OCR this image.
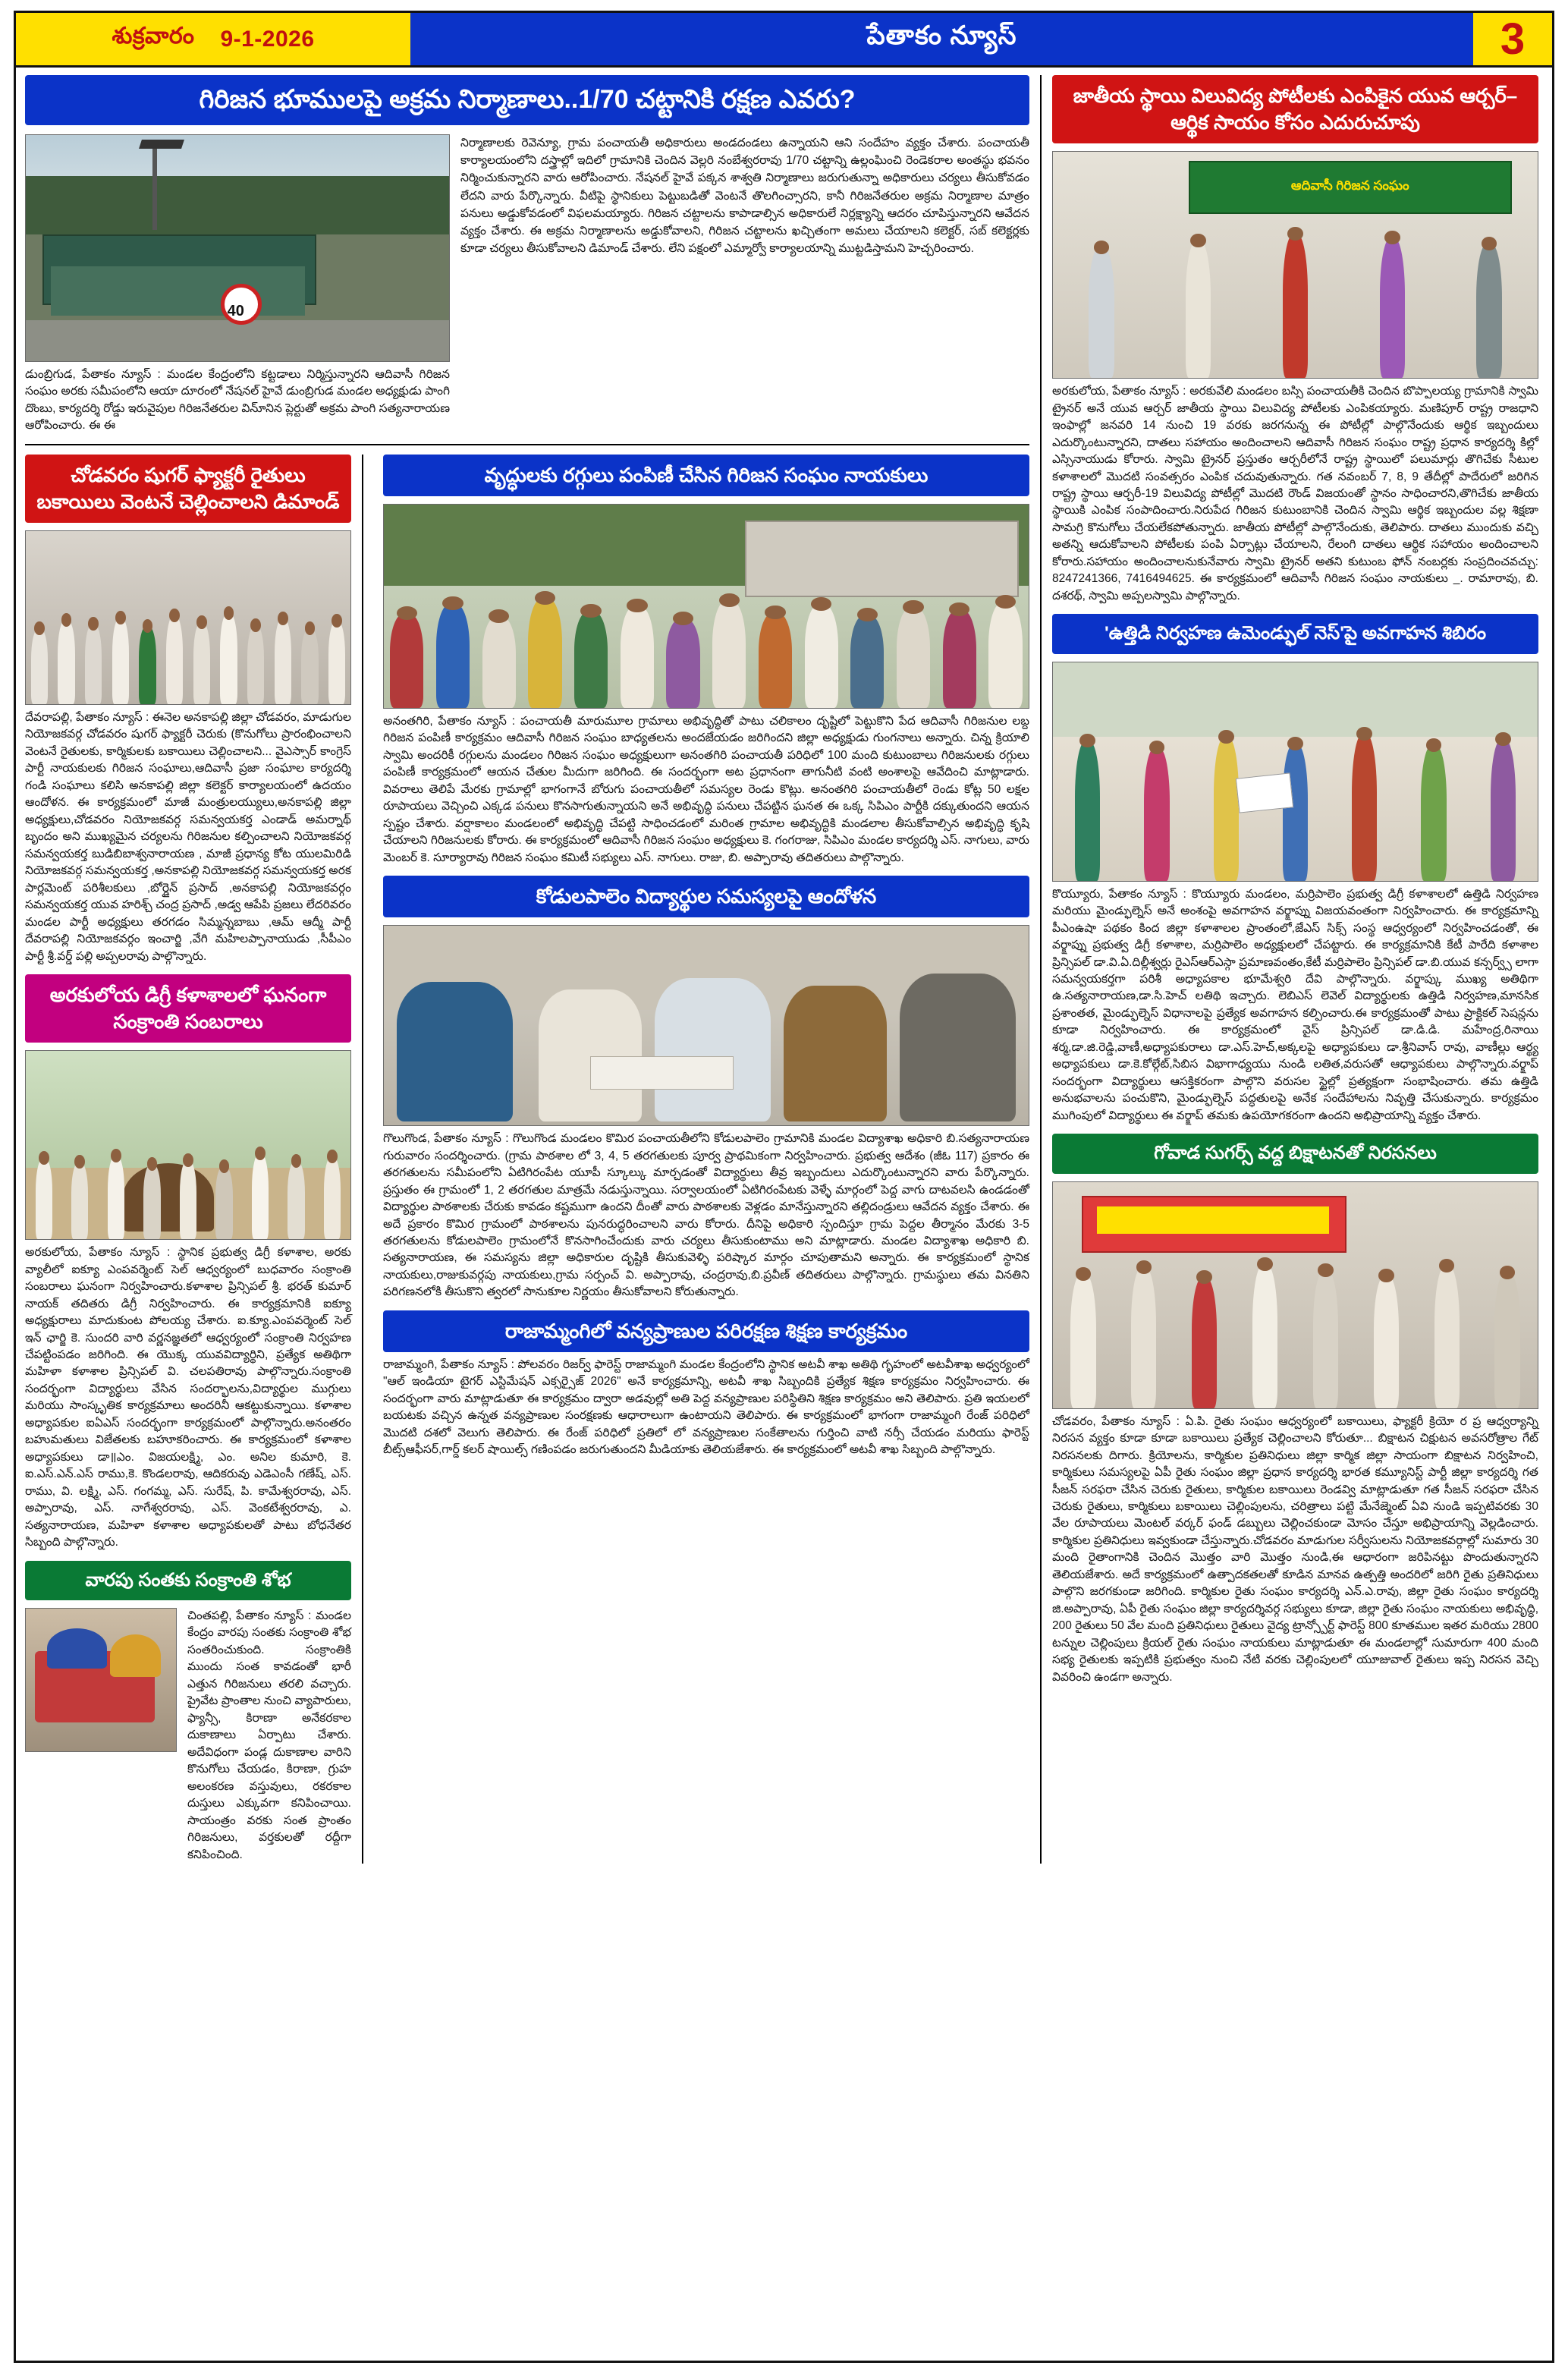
శుక్రవారం 9-1-2026	పేతాకం న్యూస్	3
గిరిజన భూములపై అక్రమ నిర్మాణాలు..1/70 చట్టానికి రక్షణ ఎవరు?
40
డుంబ్రిగుడ, పేతాకం న్యూస్ : మండల కేంద్రంలోని కట్టడాలు నిర్మిస్తున్నారని ఆదివాసీ గిరిజన సంఘం అరకు సమీపంలోని ఆయా దూరంలో నేషనల్ హైవే డుంబ్రిగుడ మండల అధ్యక్షుడు పాంగి దొంబు, కార్యదర్శి రోడ్డు ఇరువైపుల గిరిజనేతరుల వినూ్నిన ప్లెర్టుతో అక్రమ పాంగి సత్యనారాయణ ఆరోపించారు. ఈ ఈ
నిర్మాణాలకు రెవెన్యూ, గ్రామ పంచాయతీ అధికారులు అండదండలు ఉన్నాయని ఆని సందేహం వ్యక్తం చేశారు. పంచాయతీ కార్యాలయంలోని దస్త్రాల్లో ఇదిలో గ్రామానికి చెందిన వెల్లరి నంబేశ్వరరావు 1/70 చట్టాన్ని ఉల్లంఘించి రెండెకరాల అంతస్థు భవనం నిర్మించుకున్నారని వారు ఆరోపించారు. నేషనల్ హైవే పక్కన శాశ్వతి నిర్మాణాలు జరుగుతున్నా అధికారులు చర్యలు తీసుకోవడం లేదని వారు పేర్కొన్నారు. వీటిపై స్థానికులు పెట్టుబడితో వెంటనే తొలగించ్సారని, కానీ గిరిజనేతరుల అక్రమ నిర్మాణాల మాత్రం పనులు అడ్డుకోవడంలో విఫలమయ్యారు. గిరిజన చట్టాలను కాపాడాల్సిన అధికారులే నిర్లక్ష్యాన్ని ఆదరం చూపిస్తున్నారని ఆవేదన వ్యక్తం చేశారు. ఈ అక్రమ నిర్మాణాలను అడ్డుకోవాలని, గిరిజన చట్టాలను ఖచ్చితంగా అమలు చేయాలని కలెక్టర్, సబ్ కలెక్టర్లకు కూడా చర్యలు తీసుకోవాలని డిమాండ్ చేశారు. లేని పక్షంలో ఎమ్మార్వో కార్యాలయాన్ని ముట్టడిస్తామని హెచ్చరించారు.
చోడవరం షుగర్ ఫ్యాక్టరీ రైతులు బకాయిలు వెంటనే చెల్లించాలని డిమాండ్
దేవరాపల్లి, పేతాకం న్యూస్ : ఈనెల అనకాపల్లి జిల్లా చోడవరం, మాడుగుల నియోజకవర్గ చోడవరం షుగర్ ఫ్యాక్టరీ చెరుకు (కొనుగోలు ప్రారంభించాలని వెంటనే రైతులకు, కార్మికులకు బకాయిలు చెల్లించాలని... వైఎస్సార్ కాంగ్రెస్ పార్టీ నాయకులకు గిరిజన సంఘాలు,ఆదివాసీ ప్రజా సంఘాల కార్యదర్శి గండి సంఘాలు కలిసి అనకాపల్లి జిల్లా కలెక్టర్ కార్యాలయంలో ఉదయం ఆందోళన. ఈ కార్యక్రమంలో మాజీ మంత్రులయ్యులు,అనకాపల్లి జిల్లా అధ్యక్షులు,చోడవరం నియోజకవర్గ సమన్వయకర్త ఎండాడ్ అమర్నాథ్ బృందం అని ముఖ్యమైన చర్యలను గిరిజనుల కల్పించాలని నియోజకవర్గ సమన్వయకర్త బుడిబిబాశ్వనారాయణ , మాజీ ప్రధాన్య కోట యులమిరిడి నియోజకవర్గ సమన్వయకర్త ,అనకాపల్లి నియోజకవర్గ సమన్వయకర్త అరక పార్లమెంట్ పరిశీలకులు ,బోర్డైన్ ప్రసాద్ ,అనకాపల్లి నియోజకవర్గం సమన్వయకర్త యువ హరిశ్చ్ చంద్ర ప్రసాద్ ,అడ్వ ఆపేపి ప్రజలు లేదరివరం మండల పార్టీ అధ్యక్షులు తరగడం సిమ్మన్నబాబు ,ఆమ్ ఆద్మీ పార్టీ దేవరాపల్లి నియోజకవర్గం ఇంచార్జి ,వేగి మహిలప్పానాయుడు ,సీపీఎం పార్టీ శ్రీ.వర్డ్ పల్లి అప్పలరావు పాల్గొన్నారు.
అరకులోయ డిగ్రీ కళాశాలలో ఘనంగా సంక్రాంతి సంబరాలు
అరకులోయ, పేతాకం న్యూస్ : స్థానిక ప్రభుత్వ డిగ్రీ కళాశాల, అరకు వ్యాలీలో ఐక్యూ ఎంపవర్మెంట్ సెల్ ఆధ్వర్యంలో బుధవారం సంక్రాంతి సంబరాలు ఘనంగా నిర్వహించారు.కళాశాల ప్రిన్సిపల్ శ్రీ. భరత్ కుమార్ నాయక్ తదితరు డిగ్రీ నిర్వహించారు. ఈ కార్యక్రమానికి ఐక్యూ అధ్యక్షురాలు మాదుకుంట పోలయ్య చేశారు. ఐ.క్యూ.ఎంపవర్మెంట్ సెల్ ఇన్ ఛార్జి కె. సుందరి వారి వర్ణనజ్ఞతలో ఆధ్వర్యంలో సంక్రాంతి నిర్వహణ చేపట్టింపడం జరిగింది. ఈ యొక్క యువవిద్యార్థిని, ప్రత్యేక అతిథిగా మహిళా కళాశాల ప్రిన్సిపల్ వి. చలపతిరావు పాల్గొన్నారు.సంక్రాంతి సందర్భంగా విద్యార్థులు వేసిన సందర్భాలను,విద్యార్థుల ముగ్గులు మరియు సాంస్కృతిక కార్యక్రమాలు అందరినీ ఆకట్టుకున్నాయి. కళాశాల అధ్యాపకుల ఐఏఎస్ సందర్భంగా కార్యక్రమంలో పాల్గొన్నారు.అనంతరం బహుమతులు విజేతలకు బహూకరించారు. ఈ కార్యక్రమంలో కళాశాల అధ్యాపకులు డా॥ఎం. విజయలక్ష్మి, ఎం. అనిల కుమారి, కె. ఐ.ఎస్.ఎన్.ఎస్ రాము,కె. కొండలరావు, ఆదికరువు ఎడెఎంసీ గణేష్, ఎస్. రాము, వి. లక్ష్మి, ఎస్. గంగమ్మ, ఎస్. సురేష్, పి. కామేశ్వరరావు, ఎస్. అప్పారావు, ఎస్. నాగేశ్వరరావు, ఎస్. వెంకటేశ్వరరావు, ఎ. సత్యనారాయణ, మహిళా కళాశాల అధ్యాపకులతో పాటు బోధనేతర సిబ్బంది పాల్గొన్నారు.
వారపు సంతకు సంక్రాంతి శోభ
చింతపల్లి, పేతాకం న్యూస్ : మండల కేంద్రం వారపు సంతకు సంక్రాంతి శోభ సంతరించుకుంది. సంక్రాంతికి ముందు సంత కావడంతో భారీ ఎత్తున గిరిజనులు తరలి వచ్చారు. ప్రైవేట ప్రాంతాల నుంచి వ్యాపారులు, ఫ్యాన్సీ, కిరాణా అనేకరకాల దుకాణాలు ఏర్పాటు చేశారు. అదేవిధంగా పండ్ల దుకాణాల వారిని కొనుగోలు చేయడం, కిరాణా, గ్రుహ అలంకరణ వస్తువులు, రకరకాల దుస్తులు ఎక్కువగా కనిపించాయి. సాయంత్రం వరకు సంత ప్రాంతం గిరిజనులు, వర్తకులతో రద్దీగా కనిపించింది.
వృద్ధులకు రగ్గులు పంపిణీ చేసిన గిరిజన సంఘం నాయకులు
అనంతగిరి, పేతాకం న్యూస్ : పంచాయతీ మారుమూల గ్రామాలు అభివృద్ధితో పాటు చలికాలం దృష్టిలో పెట్టుకొని పేద ఆదివాసీ గిరిజనుల లబ్ద గిరిజన పంపిణీ కార్యక్రమం ఆదివాసీ గిరిజన సంఘం బాధ్యతలను అందజేయడం జరిగిందని జిల్లా అధ్యక్షుడు గుంగనాలు అన్నారు. చిన్న క్రియాలి స్వామి అందరికీ రగ్గులను మండలం గిరిజన సంఘం అధ్యక్షులుగా అనంతగిరి పంచాయతీ పరిధిలో 100 మంది కుటుంబాలు గిరిజనులకు రగ్గులు పంపిణీ కార్యక్రమంలో ఆయన చేతుల మీదుగా జరిగింది. ఈ సందర్భంగా అట ప్రధానంగా తాగునీటి వంటి అంశాలపై ఆవేదించి మాట్లాడారు. వివరాలు తెలిపే మేరకు గ్రామాల్లో భాగంగానే బోరుగు పంచాయతీలో సమస్యల రెండు కొట్లు. అనంతగిరి పంచాయతీలో రెండు కోట్ల 50 లక్షల రూపాయలు వెచ్చించి ఎక్కడ పనులు కొనసాగుతున్నాయని అనే అభివృద్ధి పనులు చేపట్టిన ఘనత ఈ ఒక్క సిపిఎం పార్టీకి దక్కుతుందని ఆయన స్పష్టం చేశారు. వర్షాకాలం మండలంలో అభివృద్ధి చేపట్టి సాధించడంలో మరింత గ్రామాల అభివృద్ధికి మండలాల తీసుకోవాల్సిన అభివృద్ధి కృషి చేయాలని గిరిజనులకు కోరారు. ఈ కార్యక్రమంలో ఆదివాసీ గిరిజన సంఘం అధ్యక్షులు కె. గంగరాజు, సిపిఎం మండల కార్యదర్శి ఎస్. నాగులు, వారు మెంబర్ కె. సూర్యారావు గిరిజన సంఘం కమిటీ సభ్యులు ఎస్. నాగులు. రాజు, బి. అప్పారావు తదితరులు పాల్గొన్నారు.
కోడులపాలెం విద్యార్థుల సమస్యలపై ఆందోళన
గొలుగొండ, పేతాకం న్యూస్ : గొలుగొండ మండలం కొమిర పంచాయతీలోని కోడులపాలెం గ్రామానికి మండల విద్యాశాఖ అధికారి బి.సత్యనారాయణ గురువారం సందర్శించారు. (గ్రామ పాఠశాల లో 3, 4, 5 తరగతులకు పూర్వ ప్రాథమికంగా నిర్వహించారు. ప్రభుత్వ ఆదేశం (జీఓ 117) ప్రకారం ఈ తరగతులను సమీపంలోని ఏటిగిరంపేట యూపీ స్కూల్కు మార్చడంతో విద్యార్థులు తీవ్ర ఇబ్బందులు ఎదుర్కొంటున్నారని వారు పేర్కొన్నారు. ప్రస్తుతం ఈ గ్రామంలో 1, 2 తరగతుల మాత్రమే నడుస్తున్నాయి. సర్వాలయంలో ఏటిగిరంపేటకు వెళ్ళే మార్గంలో పెద్ద వాగు దాటవలసి ఉండడంతో విద్యార్థుల పాఠశాలకు చేరుకు కావడం కష్టముగా ఉందని దీంతో వారు పాఠశాలకు వెళ్లడం మానేస్తున్నారని తల్లిదండ్రులు ఆవేదన వ్యక్తం చేశారు. ఈ అదే ప్రకారం కొమిర గ్రామంలో పాఠశాలను పునరుద్ధరించాలని వారు కోరారు. దీనిపై అధికారి స్పందిస్తూ గ్రామ పెద్దల తీర్మానం మేరకు 3-5 తరగతులను కోడులపాలెం గ్రామంలోనే కొనసాగించేందుకు వారు చర్యలు తీసుకుంటాము అని మాట్లాడారు. మండల విద్యాశాఖ అధికారి బి. సత్యనారాయణ, ఈ సమస్యను జిల్లా అధికారుల దృష్టికి తీసుకువెళ్ళి పరిష్కార మార్గం చూపుతామని అన్నారు. ఈ కార్యక్రమంలో స్థానిక నాయకులు,రాజుకువర్గపు నాయకులు,గ్రామ సర్పంచ్ వి. అప్పారావు, చంద్రరావు,బి.ప్రవీణ్ తదితరులు పాల్గొన్నారు. గ్రామస్థులు తమ వినతిని పరిగణనలోకి తీసుకొని త్వరలో సానుకూల నిర్ణయం తీసుకోవాలని కోరుతున్నారు.
రాజామ్మంగిలో వన్యప్రాణుల పరిరక్షణ శిక్షణ కార్యక్రమం
రాజామ్మంగి, పేతాకం న్యూస్ : పోలవరం రిజర్వ్ ఫారెస్ట్ రాజామ్మంగి మండల కేంద్రంలోని స్థానిక అటవీ శాఖ అతిథి గృహంలో అటవీశాఖ అధ్వర్యంలో "ఆల్ ఇండియా టైగర్ ఎస్టిమేషన్ ఎక్సర్సైజ్ 2026" అనే కార్యక్రమాన్ని, అటవీ శాఖ సిబ్బందికి ప్రత్యేక శిక్షణ కార్యక్రమం నిర్వహించారు. ఈ సందర్భంగా వారు మాట్లాడుతూ ఈ కార్యక్రమం ద్వారా అడవుల్లో అతి పెద్ద వన్యప్రాణుల పరిస్థితిని శిక్షణ కార్యక్రమం అని తెలిపారు. ప్రతి ఇయలలో బయటకు వచ్చిన ఉన్నత వన్యప్రాణుల సంరక్షణకు ఆధారాలుగా ఉంటాయని తెలిపారు. ఈ కార్యక్రమంలో భాగంగా రాజామ్మంగి రేంజ్ పరిధిలో మొదటి దశలో వెలుగు తెలిపారు. ఈ రేంజ్ పరిధిలో ప్రతిలో లో వన్యప్రాణుల సంకేతాలను గుర్తించి వాటి నర్సీ చేయడం మరియు ఫారెస్ట్ బీట్స్ఆఫీసర్,గార్డ్ కలర్ షాయిల్స్ గణింపడం జరుగుతుందని మీడియాకు తెలియజేశారు. ఈ కార్యక్రమంలో అటవీ శాఖ సిబ్బంది పాల్గొన్నారు.
జాతీయ స్థాయి విలువిద్య పోటీలకు ఎంపికైన యువ ఆర్చర్– ఆర్థిక సాయం కోసం ఎదురుచూపు
ఆదివాసీ గిరిజన సంఘం
అరకులోయ, పేతాకం న్యూస్ : అరకువేలి మండలం బస్సి పంచాయతీకి చెందిన బొప్పాలయ్య గ్రామానికి స్వామి ట్రైనర్ అనే యువ ఆర్చర్ జాతీయ స్థాయి విలువిద్య పోటీలకు ఎంపికయ్యారు. మణిపూర్ రాష్ట్ర రాజధాని ఇంఫాల్లో జనవరి 14 నుంచి 19 వరకు జరగనున్న ఈ పోటీల్లో పాల్గొనేందుకు ఆర్థిక ఇబ్బందులు ఎదుర్కొంటున్నారని, దాతలు సహాయం అందించాలని ఆదివాసీ గిరిజన సంఘం రాష్ట్ర ప్రధాన కార్యదర్శి కిల్లో ఎస్సినాయుడు కోరారు. స్వామి ట్రైనర్ ప్రస్తుతం ఆర్చరీలోనే రాష్ట్ర స్థాయిలో పలుమార్లు తొగిచేకు సీటుల కళాశాలలో మొదటి సంవత్సరం ఎంపిక చదువుతున్నారు. గత నవంబర్ 7, 8, 9 తేదీల్లో పాదేరులో జరిగిన రాష్ట్ర స్థాయి ఆర్చరీ-19 విలువిద్య పోటీల్లో మొదటి రౌండ్ విజయంతో స్థానం సాధించారని,తొగిచేకు జాతీయ స్థాయికి ఎంపిక సంపాదించారు.నిరుపేద గిరిజన కుటుంబానికి చెందిన స్వామి ఆర్థిక ఇబ్బందుల వల్ల శిక్షణా సామగ్రి కొనుగోలు చేయలేకపోతున్నారు. జాతీయ పోటీల్లో పాల్గొనేందుకు, తెలిపారు. దాతలు ముందుకు వచ్చి అతన్ని ఆదుకోవాలని పోటీలకు పంపి ఏర్పాట్లు చేయాలని, రేలంగి దాతలు ఆర్థిక సహాయం అందించాలని కోరారు.సహాయం అందించాలనుకునేవారు స్వామి ట్రైనర్ అతని కుటుంబ ఫోన్ నంబర్లకు సంప్రదించవచ్చు: 8247241366, 7416494625. ఈ కార్యక్రమంలో ఆదివాసీ గిరిజన సంఘం నాయకులు _. రామారావు, బి. దశరథ్, స్వామి అప్పలస్వామి పాల్గొన్నారు.
'ఉత్తిడి నిర్వహణ ఉమెండ్ఫుల్ నెస్'పై అవగాహన శిబిరం
కొయ్యూరు, పేతాకం న్యూస్ : కొయ్యూరు మండలం, మర్రిపాలెం ప్రభుత్వ డిగ్రీ కళాశాలలో ఉత్తిడి నిర్వహణ మరియు మైండ్ఫుల్నెస్ అనే అంశంపై అవగాహన వర్క్షాప్ను విజయవంతంగా నిర్వహించారు. ఈ కార్యక్రమాన్ని పీఎంఉషా పథకం కింద జిల్లా కళాశాలల ప్రాంతంలో,జేఎస్ సిక్స్ సంస్థ ఆధ్వర్యంలో నిర్వహించడంతో, ఈ వర్క్షాప్ను ప్రభుత్వ డిగ్రీ కళాశాల, మర్రిపాలెం అధ్యక్షులలో చేపట్టారు. ఈ కార్యక్రమానికి కేటీ పారేది కళాశాల ప్రిన్సిపల్ డా.వి.ఏ.దిల్లీశ్వర్లు రైఎస్ఆర్ఎస్గా ప్రమాణవంతం,కేటీ మర్రిపాలెం ప్రిన్సిపల్ డా.బి.యువ కన్సర్వ్స్ లాగా సమన్వయకర్తగా పరిశీ అధ్యాపకాల భూమేశ్వరి దేవి పాల్గొన్నారు. వర్క్షాప్కు ముఖ్య అతిథిగా ఉ.సత్యనారాయణ,డా.సి.హెచ్ లతిథి ఇచ్చారు. లెబిఎస్ లెవెల్ విద్యార్థులకు ఉత్తిడి నిర్వహణ,మానసిక ప్రశాంతత, మైండ్ఫుల్నెస్ విధానాలపై ప్రత్యేక అవగాహన కల్పించారు.ఈ కార్యక్రమంతో పాటు ప్రాక్టికల్ సెషన్లను కూడా నిర్వహించారు. ఈ కార్యక్రమంలో వైస్ ప్రిన్సిపల్ డా.డి.డి. మహేంద్ర,రినాయి శర్మ,డా.జి.రెడ్డి,వాణీ,అధ్యాపకురాలు డా.ఎస్.హెచ్,అక్కలపై అధ్యాపకులు డా.శ్రీనివాస్ రావు, వాణీల్లు ఆర్థ్య అధ్యాపకులు డా.కె.కోల్గేట్,సిబిస విభాగాధ్యయు నుండి లతిత,వరుసతో ఆధ్యాపకులు పాల్గొన్నారు.వర్క్షాప్ సందర్భంగా విద్యార్థులు ఆసక్తికరంగా పాల్గొని వరుసల స్టైల్లో ప్రత్యక్షంగా సంభాషించారు. తమ ఉత్తిడి అనుభవాలను పంచుకొని, మైండ్ఫుల్నెస్ పద్ధతులపై అనేక సందేహాలను నివృత్తి చేసుకున్నారు. కార్యక్రమం ముగింపులో విద్యార్థులు ఈ వర్క్షాప్ తమకు ఉపయోగకరంగా ఉందని అభిప్రాయాన్ని వ్యక్తం చేశారు.
గోవాడ సుగర్స్ వద్ద బిక్షాటనతో నిరసనలు
చోడవరం, పేతాకం న్యూస్ : ఏ.పి. రైతు సంఘం ఆధ్వర్యంలో బకాయిలు, ఫ్యాక్టరీ క్రియో ర ప్ర ఆధ్వర్యాన్ని నిరసన వ్యక్తం కూడా కూడా బకాయిలు ప్రత్యేక చెల్లించాలని కోరుతూ... బిక్షాటన చిక్షుటన అవసరోత్రాల గేట్ నిరసనలకు దిగారు. క్రియోలను, కార్మికుల ప్రతినిధులు జిల్లా కార్మిక జిల్లా సాయంగా బిక్షాటన నిర్వహించి, కార్మికులు సమస్యలపై ఏపీ రైతు సంఘం జిల్లా ప్రధాన కార్యదర్శి భారత కమ్యూనిస్ట్ పార్టీ జిల్లా కార్యదర్శి గత సీజన్ సరఫరా చేసిన చెరుకు రైతులు, కార్మికుల బకాయిలు రెండవ్వి మాట్లాడుతూ గత సీజన్ సరఫరా చేసిన చెరుకు రైతులు, కార్మికులు బకాయిలు చెల్లింపులను, చరిత్రాలు పట్టి మేనేజ్మెంట్ ఏవి నుండి ఇప్పటివరకు 30 వేల రూపాయలు మెంటల్ వర్కర్ ఫండ్ డబ్బులు చెల్లించకుండా మోసం చేస్తూ అభిప్రాయాన్ని వెల్లడించారు. కార్మికుల ప్రతినిధులు ఇవ్వకుండా చేస్తున్నారు.చోడవరం మాడుగుల సర్వీసులను నియోజకవర్గాల్లో సుమారు 30 మంది రైతాంగానికి చెందిన మొత్తం వారి మొత్తం నుండి,ఈ ఆధారంగా జరిపినట్టు పొందుతున్నారని తెలియజేశారు. అదే కార్యక్రమంలో ఉత్పాదకతలతో కూడిన మానవ ఉత్పత్తి అందరిలో జరిగి రైతు ప్రతినిధులు పాల్గొని జరగకుండా జరిగింది. కార్మికుల రైతు సంఘం కార్యదర్శి ఎన్.ఎ.రావు, జిల్లా రైతు సంఘం కార్యదర్శి జి.అప్పారావు, ఏపీ రైతు సంఘం జిల్లా కార్యదర్శివర్గ సభ్యులు కూడా, జిల్లా రైతు సంఘం నాయకులు అభివృద్ధి, 200 రైతులు 50 వేల మంది ప్రతినిధులు రైతులు వైద్య ట్రాన్స్పోర్ట్ ఫారెస్ట్ 800 కూతముల ఇతర మరియు 2800 టన్నుల చెల్లింపులు క్రియల్ రైతు సంఘం నాయకులు మాట్లాడుతూ ఈ మండలాల్లో సుమారుగా 400 మంది సభ్య రైతులకు ఇప్పటికి ప్రభుత్వం నుంచి నేటి వరకు చెల్లింపులలో యూజువాల్ రైతులు ఇప్ప నిరసన వెచ్చి వివరించి ఉండగా అన్నారు.
